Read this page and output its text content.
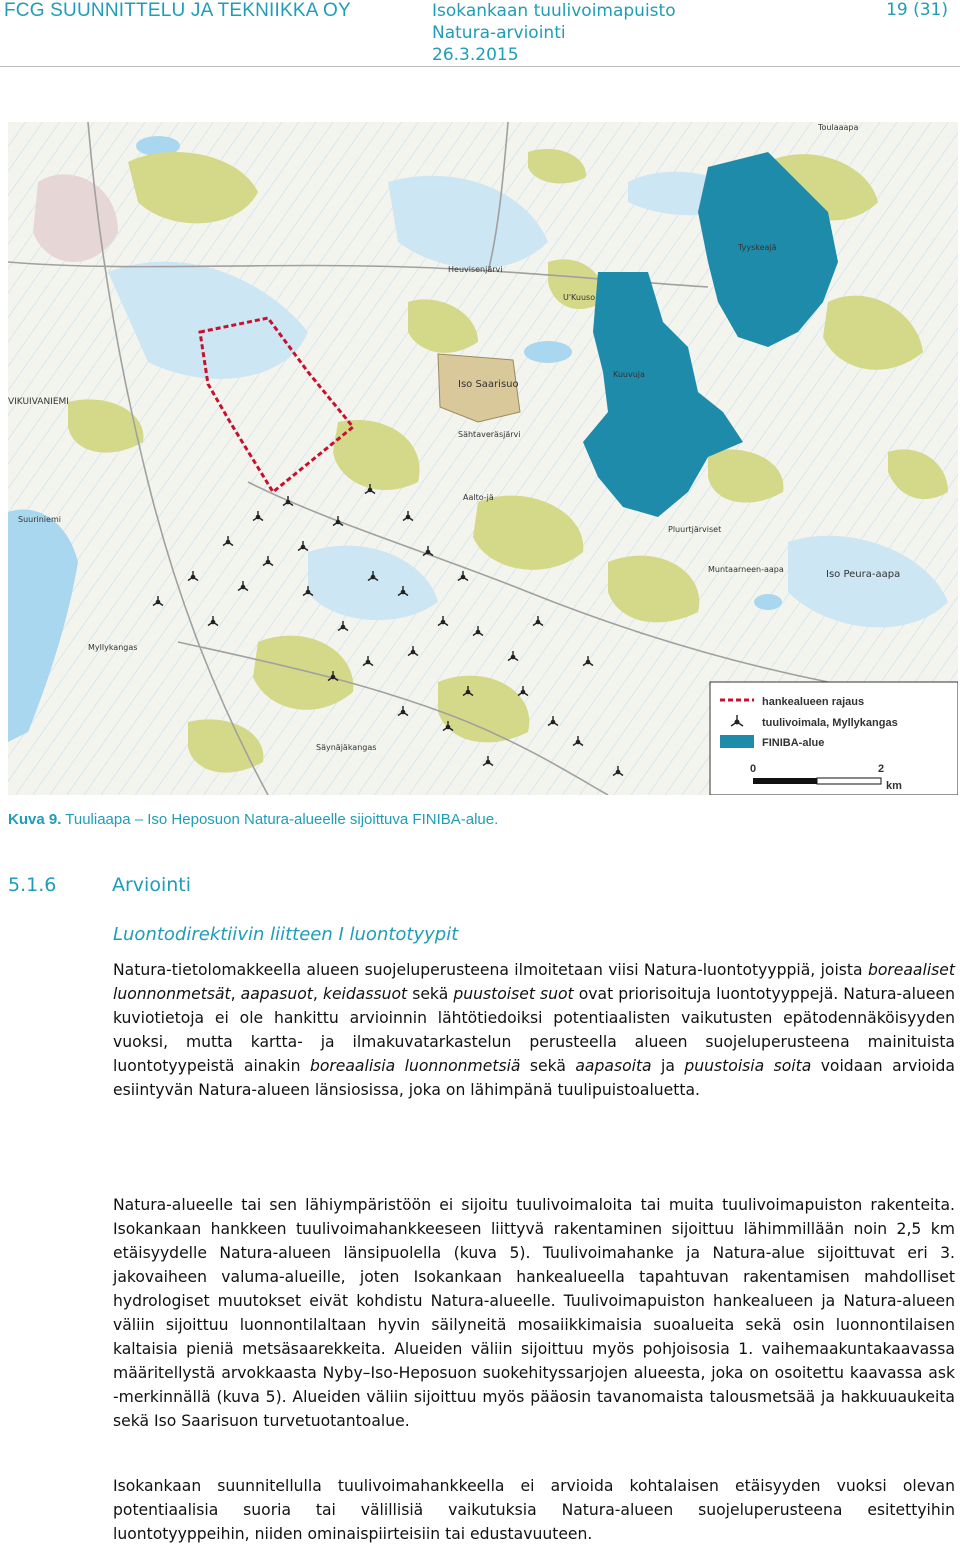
FCG SUUNNITTELU JA TEKNIIKKA OY	Isokankaan tuulivoimapuisto
Natura-arviointi
26.3.2015
19 (31)
Toulaaapa
Tyyskeajä
U'Kuuso
Heuvisenjärvi
Kuuvuja
Iso Saarisuo
Sähtaveräsjärvi
VIKUIVANIEMI
Aalto-jä
Iso Peura-aapa
Myllykangas
Säynäjäkangas
Pluurtjärviset
Muntaarneen-aapa
Suuriniemi
hankealueen rajaus
tuulivoimala, Myllykangas
FINIBA-alue
0	2
km
Kuva 9. Tuuliaapa – Iso Heposuon Natura-alueelle sijoittuva FINIBA-alue.
5.1.6	Arviointi
Luontodirektiivin liitteen I luontotyypit
Natura-tietolomakkeella alueen suojeluperusteena ilmoitetaan viisi Natura-luontotyyppiä, joista boreaaliset luonnonmetsät, aapasuot, keidassuot sekä puustoiset suot ovat priorisoituja luontotyyppejä. Natura-alueen kuviotietoja ei ole hankittu arvioinnin lähtötiedoiksi potentiaalisten vaikutusten epätodennäköisyyden vuoksi, mutta kartta- ja ilmakuvatarkastelun perusteella alueen suojeluperusteena mainituista luontotyypeistä ainakin boreaalisia luonnonmetsiä sekä aapasoita ja puustoisia soita voidaan arvioida esiintyvän Natura-alueen länsiosissa, joka on lähimpänä tuulipuistoaluetta.
Natura-alueelle tai sen lähiympäristöön ei sijoitu tuulivoimaloita tai muita tuulivoimapuiston rakenteita. Isokankaan hankkeen tuulivoimahankkeeseen liittyvä rakentaminen sijoittuu lähimmillään noin 2,5 km etäisyydelle Natura-alueen länsipuolella (kuva 5). Tuulivoimahanke ja Natura-alue sijoittuvat eri 3. jakovaiheen valuma-alueille, joten Isokankaan hankealueella tapahtuvan rakentamisen mahdolliset hydrologiset muutokset eivät kohdistu Natura-alueelle. Tuulivoimapuiston hankealueen ja Natura-alueen väliin sijoittuu luonnontilaltaan hyvin säilyneitä mosaiikkimaisia suoalueita sekä osin luonnontilaisen kaltaisia pieniä metsäsaarekkeita. Alueiden väliin sijoittuu myös pohjoisosia 1. vaihemaakuntakaavassa määritellystä arvokkaasta Nyby–Iso-Heposuon suokehityssarjojen alueesta, joka on osoitettu kaavassa ask -merkinnällä (kuva 5). Alueiden väliin sijoittuu myös pääosin tavanomaista talousmetsää ja hakkuuaukeita sekä Iso Saarisuon turvetuotantoalue.
Isokankaan suunnitellulla tuulivoimahankkeella ei arvioida kohtalaisen etäisyyden vuoksi olevan potentiaalisia suoria tai välillisiä vaikutuksia Natura-alueen suojeluperusteena esitettyihin luontotyyppeihin, niiden ominaispiirteisiin tai edustavuuteen.
